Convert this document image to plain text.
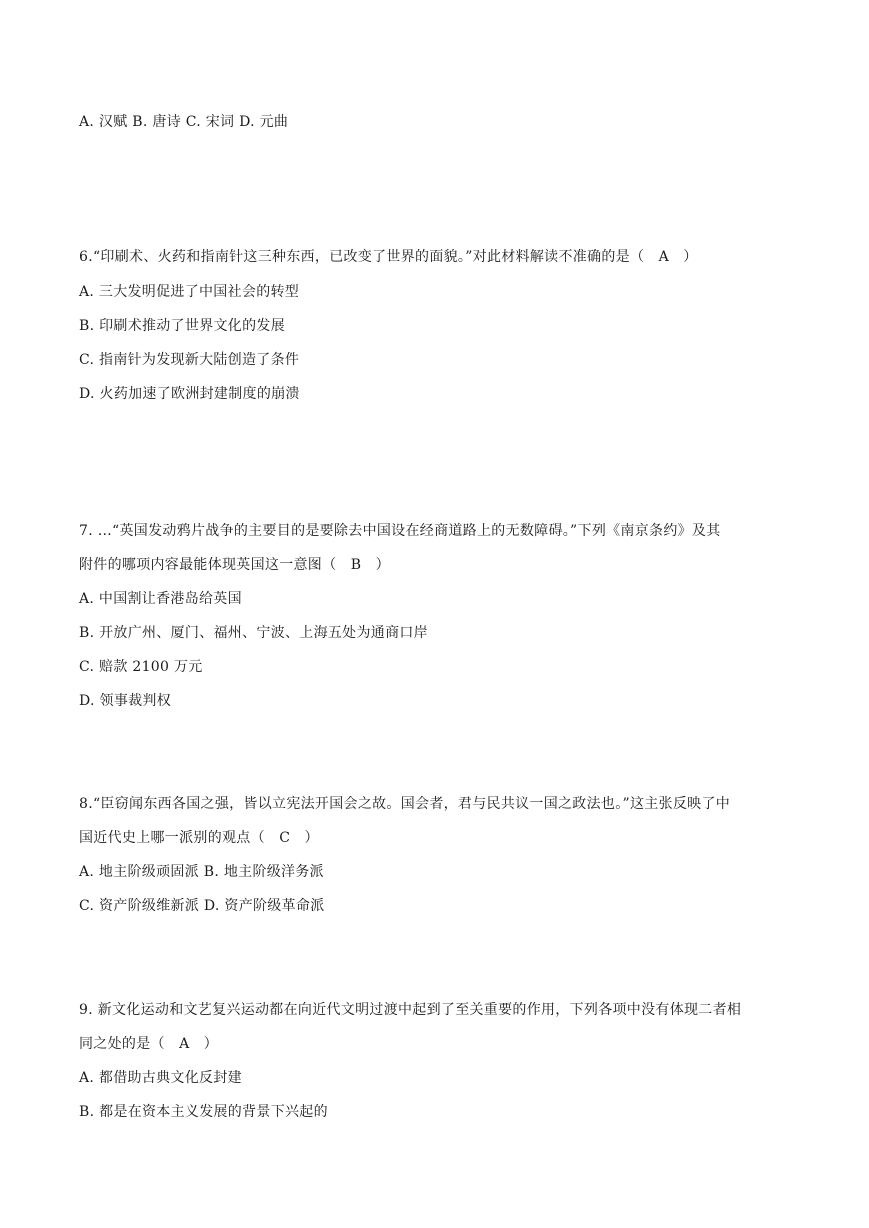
A. 汉赋 B. 唐诗 C. 宋词 D. 元曲
6.“印刷术、火药和指南针这三种东西，已改变了世界的面貌。”对此材料解读不准确的是（　A　）
A. 三大发明促进了中国社会的转型
B. 印刷术推动了世界文化的发展
C. 指南针为发现新大陆创造了条件
D. 火药加速了欧洲封建制度的崩溃
7. …“英国发动鸦片战争的主要目的是要除去中国设在经商道路上的无数障碍。”下列《南京条约》及其
附件的哪项内容最能体现英国这一意图（　B　）
A. 中国割让香港岛给英国
B. 开放广州、厦门、福州、宁波、上海五处为通商口岸
C. 赔款 2100 万元
D. 领事裁判权
8.“臣窃闻东西各国之强，皆以立宪法开国会之故。国会者，君与民共议一国之政法也。”这主张反映了中
国近代史上哪一派别的观点（　C　）
A. 地主阶级顽固派 B. 地主阶级洋务派
C. 资产阶级维新派 D. 资产阶级革命派
9. 新文化运动和文艺复兴运动都在向近代文明过渡中起到了至关重要的作用，下列各项中没有体现二者相
同之处的是（　A　）
A. 都借助古典文化反封建
B. 都是在资本主义发展的背景下兴起的
